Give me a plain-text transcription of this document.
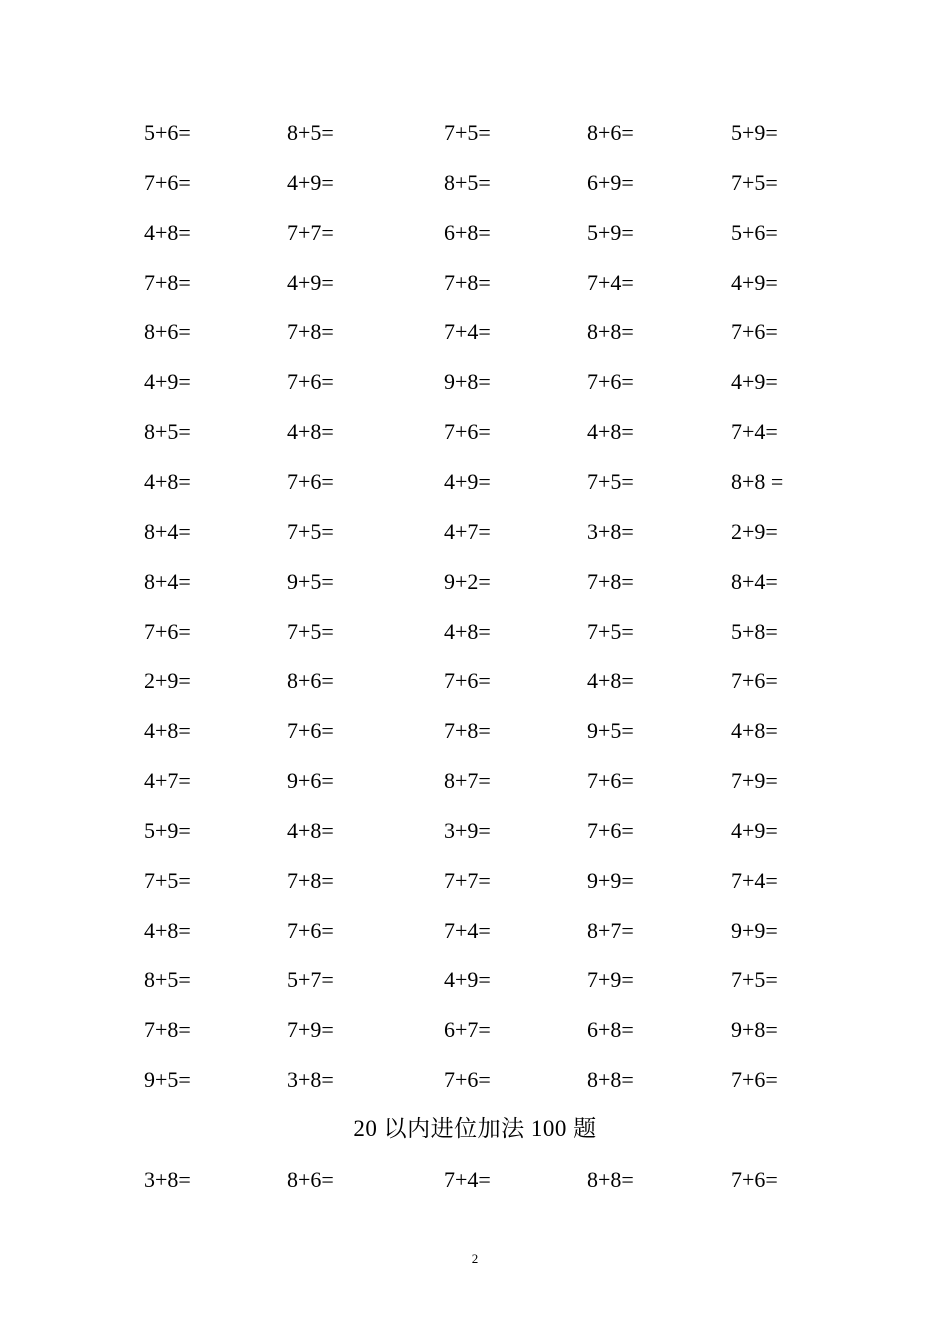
5+6=	8+5=	7+5=	8+6=	5+9=
7+6=	4+9=	8+5=	6+9=	7+5=
4+8=	7+7=	6+8=	5+9=	5+6=
7+8=	4+9=	7+8=	7+4=	4+9=
8+6=	7+8=	7+4=	8+8=	7+6=
4+9=	7+6=	9+8=	7+6=	4+9=
8+5=	4+8=	7+6=	4+8=	7+4=
4+8=	7+6=	4+9=	7+5=	8+8 =
8+4=	7+5=	4+7=	3+8=	2+9=
8+4=	9+5=	9+2=	7+8=	8+4=
7+6=	7+5=	4+8=	7+5=	5+8=
2+9=	8+6=	7+6=	4+8=	7+6=
4+8=	7+6=	7+8=	9+5=	4+8=
4+7=	9+6=	8+7=	7+6=	7+9=
5+9=	4+8=	3+9=	7+6=	4+9=
7+5=	7+8=	7+7=	9+9=	7+4=
4+8=	7+6=	7+4=	8+7=	9+9=
8+5=	5+7=	4+9=	7+9=	7+5=
7+8=	7+9=	6+7=	6+8=	9+8=
9+5=	3+8=	7+6=	8+8=	7+6=
20 以内进位加法 100 题
3+8=	8+6=	7+4=	8+8=	7+6=
2
